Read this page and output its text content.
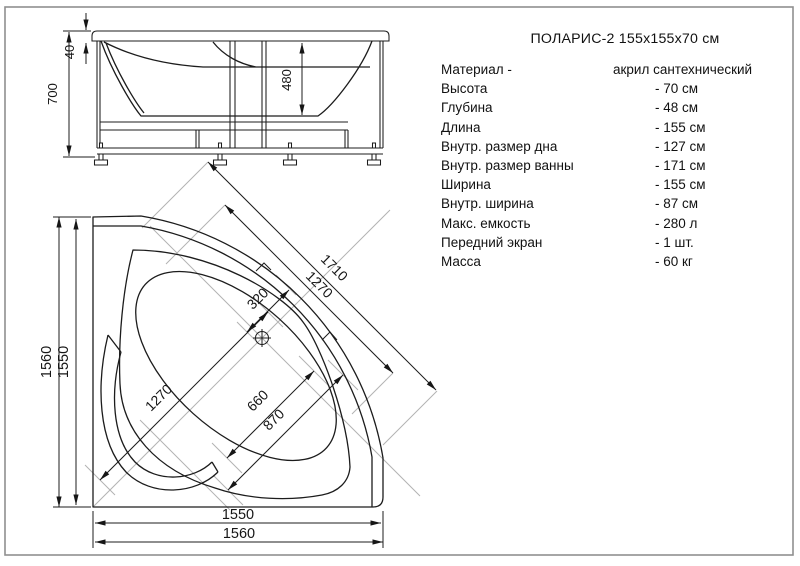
700
40
480
1560 1550
1550
1560
1710
1270
320
660
870
1270
ПОЛАРИС-2 155х155х70 см
Материал -	акрил сантехнический
Высота	- 70 см
Глубина	- 48 см
Длина	- 155 см
Внутр. размер дна	- 127 см
Внутр. размер ванны	- 171 см
Ширина	- 155 см
Внутр. ширина	- 87 см
Макс. емкость	- 280 л
Передний экран	- 1 шт.
Масса	- 60 кг
